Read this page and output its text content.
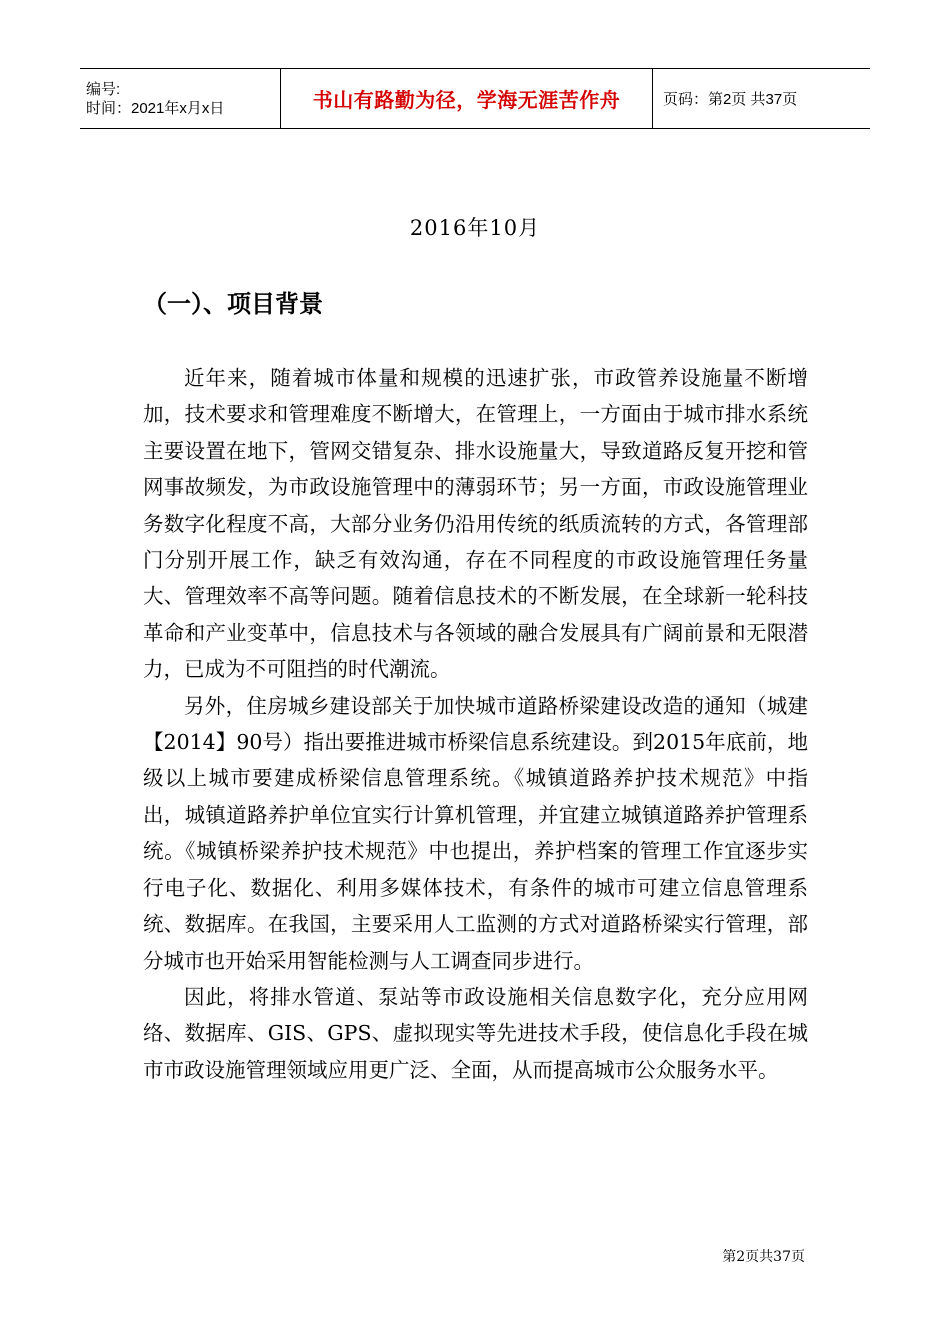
编号:
时间：2021年x月x日	书山有路勤为径，学海无涯苦作舟	页码：第2页 共37页
2016年10月
（一）、项目背景

近年来，随着城市体量和规模的迅速扩张，市政管养设施量不断增加，技术要求和管理难度不断增大，在管理上，一方面由于城市排水系统主要设置在地下，管网交错复杂、排水设施量大，导致道路反复开挖和管网事故频发，为市政设施管理中的薄弱环节；另一方面，市政设施管理业务数字化程度不高，大部分业务仍沿用传统的纸质流转的方式，各管理部门分别开展工作，缺乏有效沟通，存在不同程度的市政设施管理任务量大、管理效率不高等问题。随着信息技术的不断发展，在全球新一轮科技革命和产业变革中，信息技术与各领域的融合发展具有广阔前景和无限潜力，已成为不可阻挡的时代潮流。

另外，住房城乡建设部关于加快城市道路桥梁建设改造的通知（城建【2014】90号）指出要推进城市桥梁信息系统建设。到2015年底前，地级以上城市要建成桥梁信息管理系统。《城镇道路养护技术规范》中指出，城镇道路养护单位宜实行计算机管理，并宜建立城镇道路养护管理系统。《城镇桥梁养护技术规范》中也提出，养护档案的管理工作宜逐步实行电子化、数据化、利用多媒体技术，有条件的城市可建立信息管理系统、数据库。在我国，主要采用人工监测的方式对道路桥梁实行管理，部分城市也开始采用智能检测与人工调查同步进行。

因此，将排水管道、泵站等市政设施相关信息数字化，充分应用网络、数据库、GIS、GPS、虚拟现实等先进技术手段，使信息化手段在城市市政设施管理领域应用更广泛、全面，从而提高城市公众服务水平。

第2页共37页
